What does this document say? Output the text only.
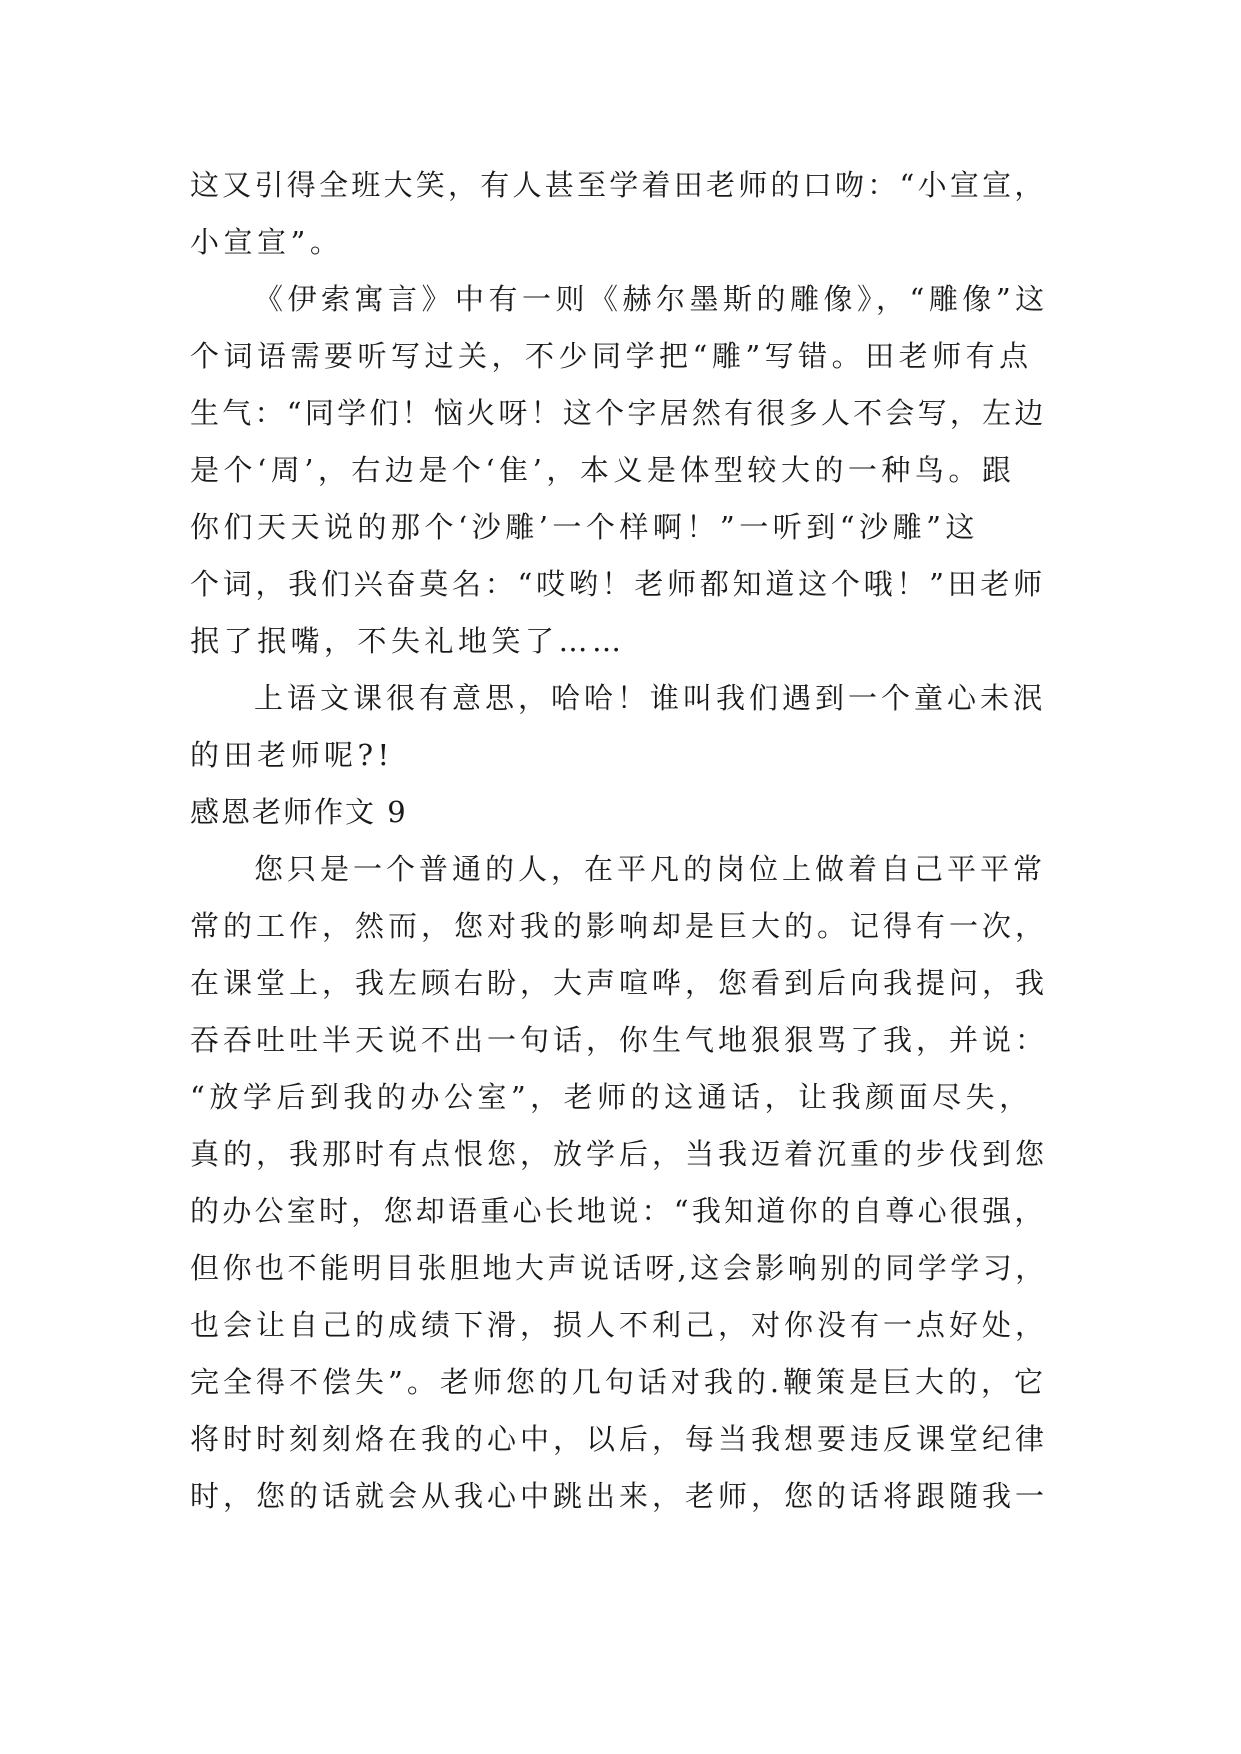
这又引得全班大笑，有人甚至学着田老师的口吻：“小宣宣，
小宣宣”。
《伊索寓言》中有一则《赫尔墨斯的雕像》，“雕像”这
个词语需要听写过关，不少同学把“雕”写错。田老师有点
生气：“同学们！恼火呀！这个字居然有很多人不会写，左边
是个‘周’，右边是个‘隹’，本义是体型较大的一种鸟。跟
你们天天说的那个‘沙雕’一个样啊！”一听到“沙雕”这
个词，我们兴奋莫名：“哎哟！老师都知道这个哦！”田老师
抿了抿嘴，不失礼地笑了……
上语文课很有意思，哈哈！谁叫我们遇到一个童心未泯
的田老师呢?!
感恩老师作文 9
您只是一个普通的人，在平凡的岗位上做着自己平平常
常的工作，然而，您对我的影响却是巨大的。记得有一次，
在课堂上，我左顾右盼，大声喧哗，您看到后向我提问，我
吞吞吐吐半天说不出一句话，你生气地狠狠骂了我，并说：
“放学后到我的办公室”，老师的这通话，让我颜面尽失，
真的，我那时有点恨您，放学后，当我迈着沉重的步伐到您
的办公室时，您却语重心长地说：“我知道你的自尊心很强，
但你也不能明目张胆地大声说话呀,这会影响别的同学学习，
也会让自己的成绩下滑，损人不利己，对你没有一点好处，
完全得不偿失”。老师您的几句话对我的.鞭策是巨大的，它
将时时刻刻烙在我的心中，以后，每当我想要违反课堂纪律
时，您的话就会从我心中跳出来，老师，您的话将跟随我一
